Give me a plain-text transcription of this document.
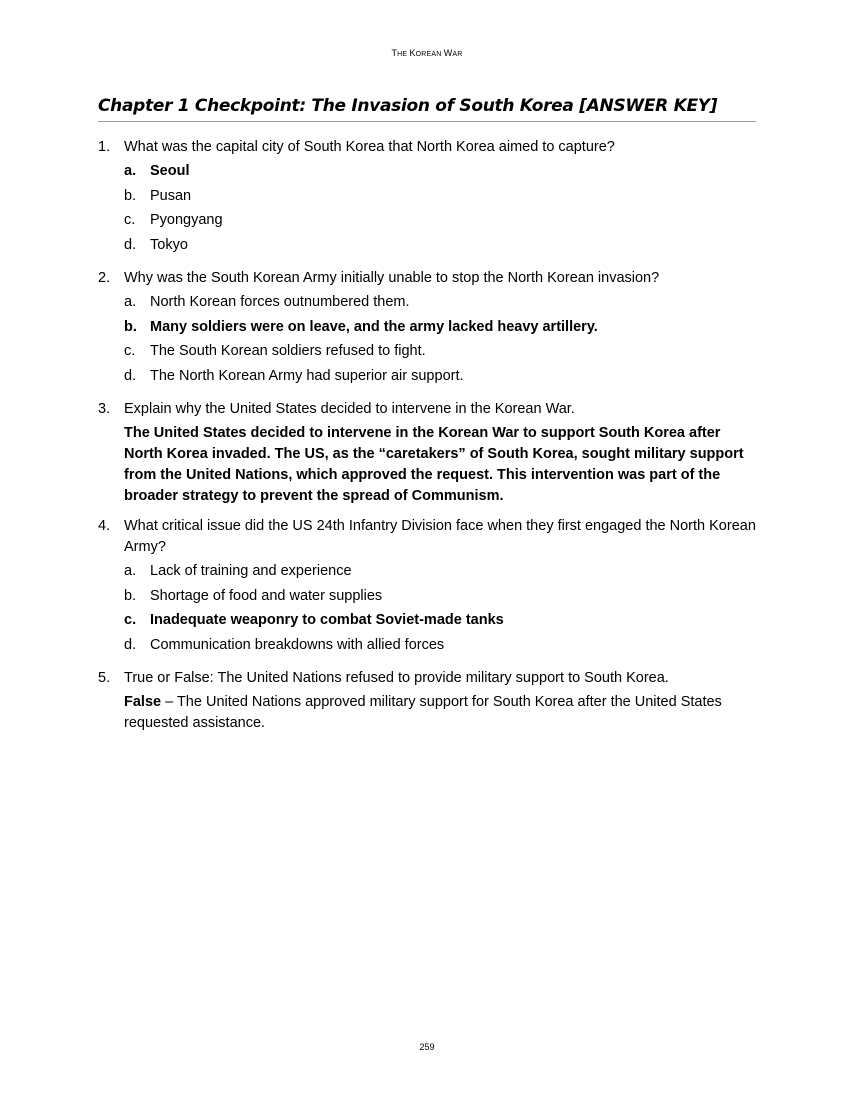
THE KOREAN WAR
Chapter 1 Checkpoint: The Invasion of South Korea [ANSWER KEY]
1. What was the capital city of South Korea that North Korea aimed to capture?
a. Seoul
b. Pusan
c.	Pyongyang
d. Tokyo
2. Why was the South Korean Army initially unable to stop the North Korean invasion?
a. North Korean forces outnumbered them.
b. Many soldiers were on leave, and the army lacked heavy artillery.
c.	The South Korean soldiers refused to fight.
d. The North Korean Army had superior air support.
3. Explain why the United States decided to intervene in the Korean War.
The United States decided to intervene in the Korean War to support South Korea after North Korea invaded. The US, as the “caretakers” of South Korea, sought military support from the United Nations, which approved the request. This intervention was part of the broader strategy to prevent the spread of Communism.
4. What critical issue did the US 24th Infantry Division face when they first engaged the North Korean Army?
a. Lack of training and experience
b. Shortage of food and water supplies
c. Inadequate weaponry to combat Soviet-made tanks
d. Communication breakdowns with allied forces
5. True or False: The United Nations refused to provide military support to South Korea.
False – The United Nations approved military support for South Korea after the United States requested assistance.
259
